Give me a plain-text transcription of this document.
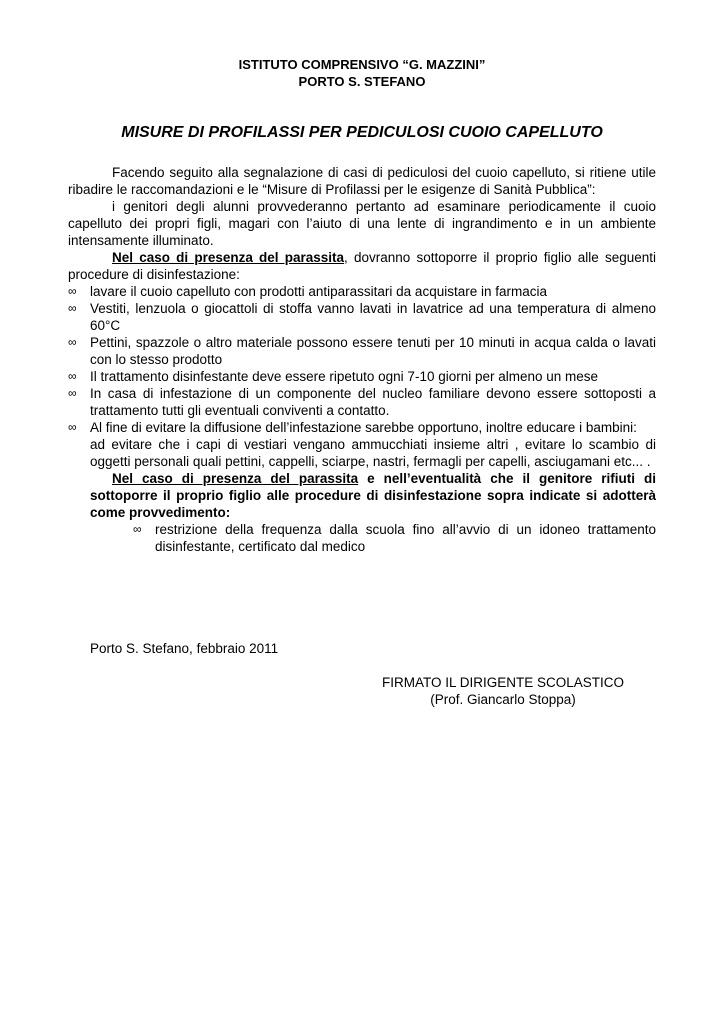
ISTITUTO COMPRENSIVO “G. MAZZINI”
PORTO S. STEFANO
MISURE DI PROFILASSI PER PEDICULOSI CUOIO CAPELLUTO

Facendo seguito alla segnalazione di casi di pediculosi del cuoio capelluto, si ritiene utile ribadire le raccomandazioni e le “Misure di Profilassi per le esigenze di Sanità Pubblica”:

i genitori degli alunni provvederanno pertanto ad esaminare periodicamente il cuoio capelluto dei propri figli, magari con l’aiuto di una lente di ingrandimento e in un ambiente intensamente illuminato.

Nel caso di presenza del parassita, dovranno sottoporre il proprio figlio alle seguenti procedure di disinfestazione:

∞ lavare il cuoio capelluto con prodotti antiparassitari da acquistare in farmacia
∞ Vestiti, lenzuola o giocattoli di stoffa vanno lavati in lavatrice ad una temperatura di almeno 60°C
∞ Pettini, spazzole o altro materiale possono essere tenuti per 10 minuti in acqua calda o lavati con lo stesso prodotto
∞ Il trattamento disinfestante deve essere ripetuto ogni 7-10 giorni per almeno un mese
∞ In casa di infestazione di un componente del nucleo familiare devono essere sottoposti a trattamento tutti gli eventuali conviventi a contatto.
∞ Al fine di evitare la diffusione dell’infestazione sarebbe opportuno, inoltre educare i bambini:

ad evitare che i capi di vestiari vengano ammucchiati insieme altri , evitare lo scambio di oggetti personali quali pettini, cappelli, sciarpe, nastri, fermagli per capelli, asciugamani etc... .

Nel caso di presenza del parassita e nell’eventualità che il genitore rifiuti di sottoporre il proprio figlio alle procedure di disinfestazione sopra indicate si adotterà come provvedimento:

∞ restrizione della frequenza dalla scuola fino all’avvio di un idoneo trattamento disinfestante, certificato dal medico
Porto S. Stefano, febbraio 2011
FIRMATO IL DIRIGENTE SCOLASTICO
(Prof. Giancarlo Stoppa)
